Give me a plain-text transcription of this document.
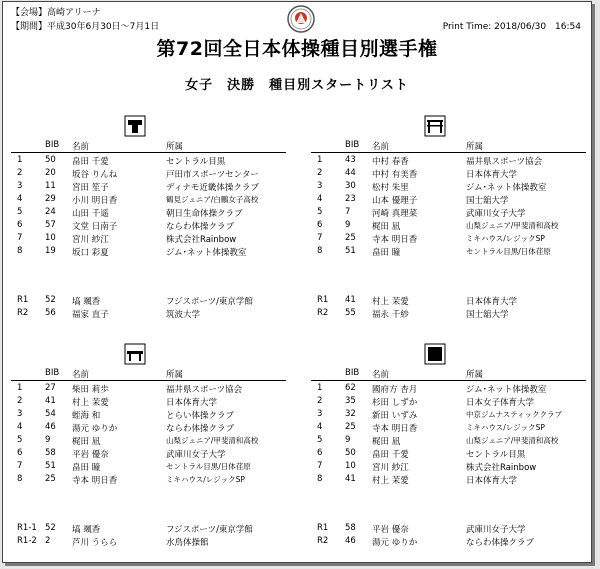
【会場】高崎アリーナ
【期間】平成30年6月30日～7月1日	Print Time: 2018/06/30　16:54
第72回全日本体操種目別選手権
女子　決勝　種目別スタートリスト
BIB 名前	所属
1	50 畠田 千愛	セントラル目黒
2	20 坂谷 りんね	戸田市スポーツセンター
3	11 宮田 笙子	ディナモ近畿体操クラブ
4	29 小川 明日香	鶴見ジュニア/白鵬女子高校
5	24 山田 千遥	朝日生命体操クラブ
6	57 文堂 日南子	ならわ体操クラブ
7	10 宮川 紗江	株式会社Rainbow
8	19 坂口 彩夏	ジム･ネット体操教室
R1 52 塙 颯香	フジスポーツ/東京学館
R2 56 福家 直子	筑波大学
BIB 名前	所属
1	43 中村 春香	福井県スポーツ協会
2	44 中村 有美香	日本体育大学
3	30 松村 朱里	ジム･ネット体操教室
4	23 山本 優理子	国士舘大学
5	7	河崎 真理菜	武庫川女子大学
6	9	梶田 凪	山梨ジュニア/甲斐清和高校
7	25 寺本 明日香	ミキハウス/レジックSP
8	51 畠田 瞳	セントラル目黒/日体荏原
R1 41 村上 茉愛	日本体育大学
R2 55 福永 千紗	国士舘大学
BIB 名前	所属
1	27 柴田 莉歩	福井県スポーツ協会
2	41 村上 茉愛	日本体育大学
3	54 蛭海 和	とらい体操クラブ
4	46 湯元 ゆりか	ならわ体操クラブ
5	9	梶田 凪	山梨ジュニア/甲斐清和高校
6	58 平岩 優奈	武庫川女子大学
7	51 畠田 瞳	セントラル目黒/日体荏原
8	25 寺本 明日香	ミキハウス/レジックSP
R1-1 52 塙 颯香	フジスポーツ/東京学館
R1-2 2	芦川 うらら	水鳥体操館
BIB 名前	所属
1	62 國府方 杏月	ジム･ネット体操教室
2	35 杉田 しずか	日本女子体育大学
3	32 新田 いずみ	中京ジムナスティッククラブ
4	25 寺本 明日香	ミキハウス/レジックSP
5	9	梶田 凪	山梨ジュニア/甲斐清和高校
6	50 畠田 千愛	セントラル目黒
7	10 宮川 紗江	株式会社Rainbow
8	41 村上 茉愛	日本体育大学
R1 58 平岩 優奈	武庫川女子大学
R2 46 湯元 ゆりか	ならわ体操クラブ
